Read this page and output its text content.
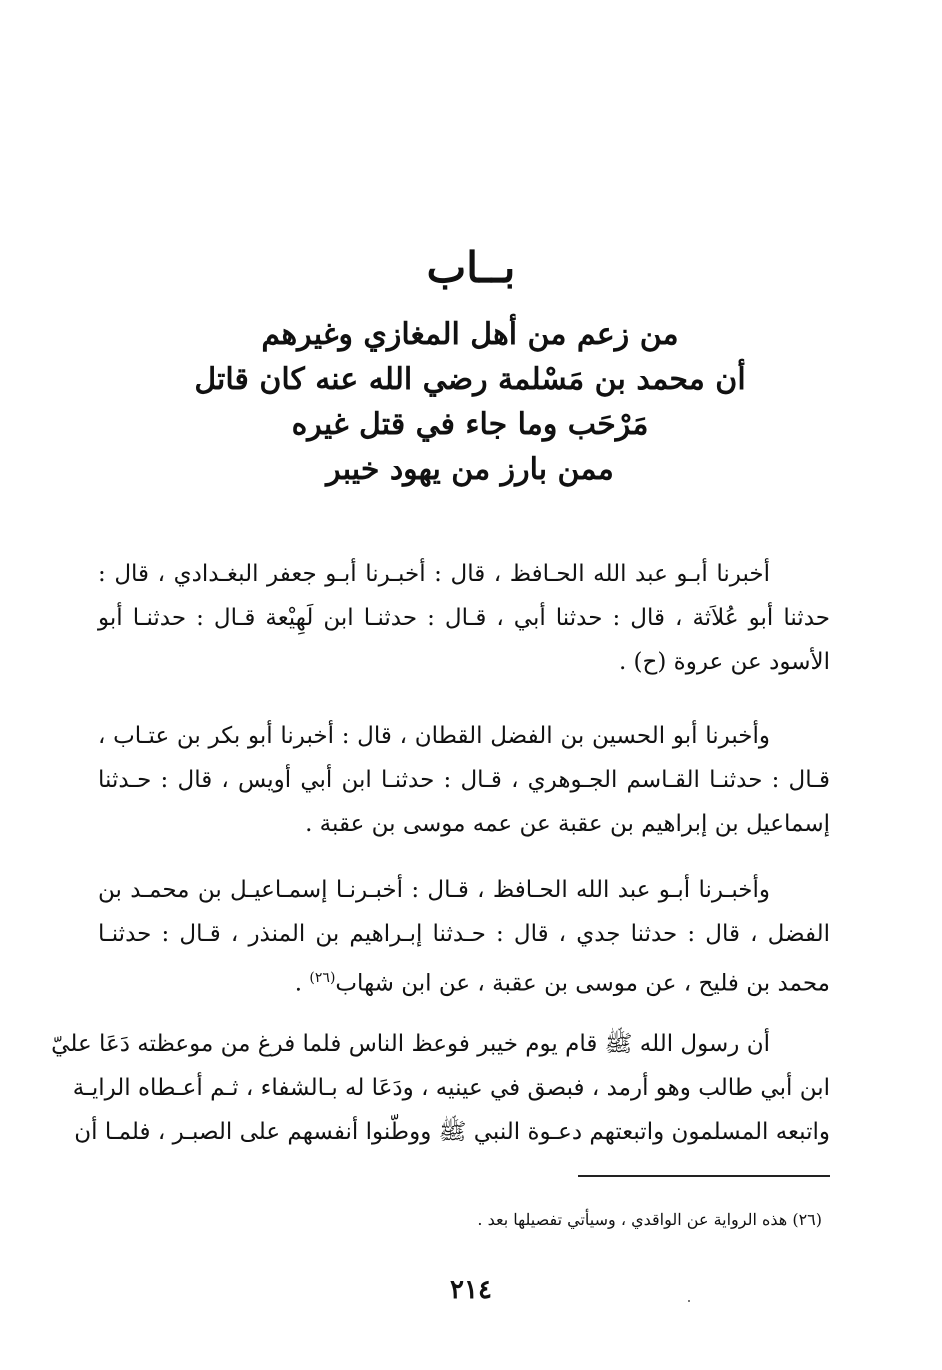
بــاب
من زعم من أهل المغازي وغيرهم
أن محمد بن مَسْلمة رضي الله عنه كان قاتل
مَرْحَب وما جاء في قتل غيره
ممن بارز من يهود خيبر
أخبرنا أبـو عبد الله الحـافظ ، قال : أخبـرنا أبـو جعفر البغـدادي ، قال :
حدثنا أبو عُلاَثة ، قال : حدثنا أبي ، قـال : حدثنـا ابن لَهِيْعة قـال : حدثنـا أبو
الأسود عن عروة (ح) .
وأخبرنا أبو الحسين بن الفضل القطان ، قال : أخبرنا أبو بكر بن عتـاب ،
قـال : حدثنـا القـاسم الجـوهري ، قـال : حدثنـا ابن أبي أويس ، قال : حـدثنا
إسماعيل بن إبراهيم بن عقبة عن عمه موسى بن عقبة .
وأخبـرنا أبـو عبد الله الحـافظ ، قـال : أخبـرنـا إسمـاعيـل بن محمـد بن
الفضل ، قال : حدثنا جدي ، قال : حـدثنا إبـراهيم بن المنذر ، قـال : حدثنـا
محمد بن فليح ، عن موسى بن عقبة ، عن ابن شهاب$^{(٢٦)}$ .
أن رسول الله ﷺ قام يوم خيبر فوعظ الناس فلما فرغ من موعظته دَعَا عليّ
ابن أبي طالب وهو أرمد ، فبصق في عينيه ، ودَعَا له بـالشفاء ، ثـم أعـطاه الرايـة
واتبعه المسلمون واتبعتهم دعـوة النبي ﷺ ووطّنوا أنفسهم على الصبـر ، فلمـا أن
(٢٦) هذه الرواية عن الواقدي ، وسيأتي تفصيلها بعد .
٢١٤
